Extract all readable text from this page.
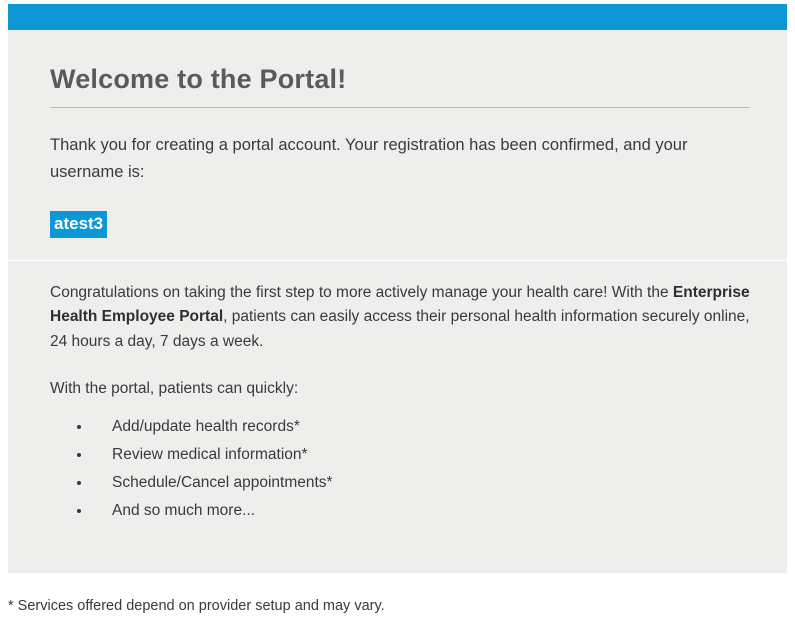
Welcome to the Portal!

Thank you for creating a portal account. Your registration has been confirmed, and your username is:

atest3

Congratulations on taking the first step to more actively manage your health care! With the Enterprise Health Employee Portal, patients can easily access their personal health information securely online, 24 hours a day, 7 days a week.

With the portal, patients can quickly:

• Add/update health records*
• Review medical information*
• Schedule/Cancel appointments*
• And so much more...
* Services offered depend on provider setup and may vary.
